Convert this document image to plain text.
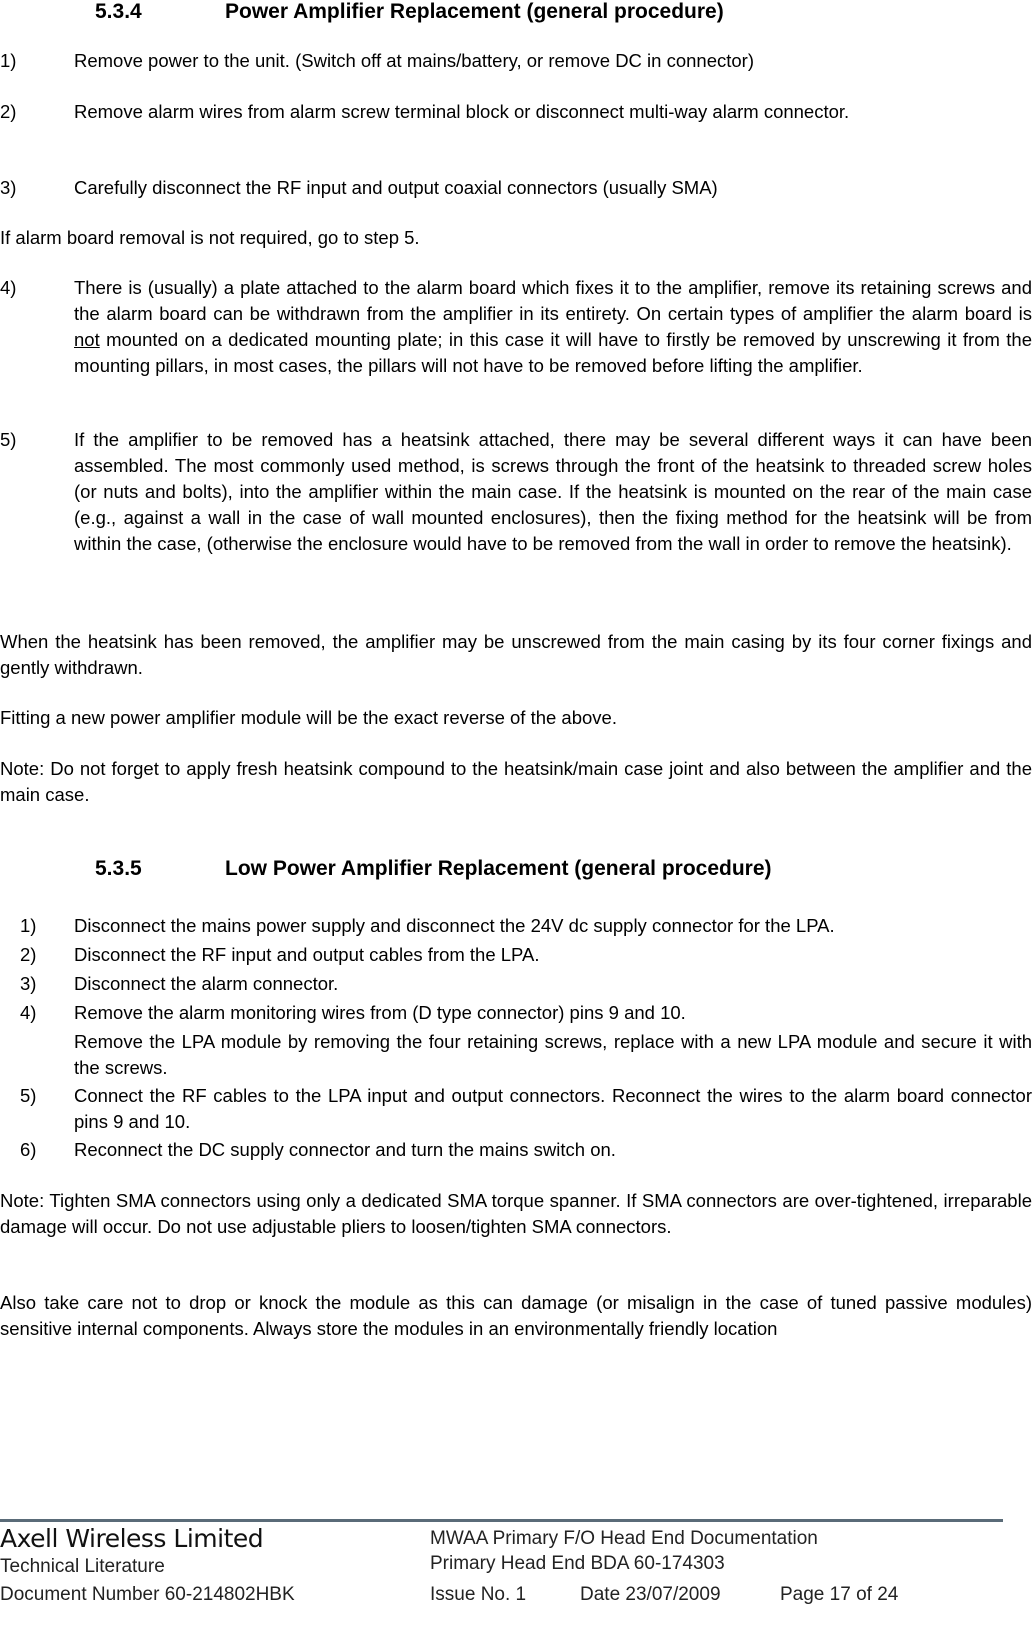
5.3.4	Power Amplifier Replacement (general procedure)
1)	Remove power to the unit. (Switch off at mains/battery, or remove DC in connector)
2)	Remove alarm wires from alarm screw terminal block or disconnect multi-way alarm connector.
3)	Carefully disconnect the RF input and output coaxial connectors (usually SMA)
If alarm board removal is not required, go to step 5.
4)	There is (usually) a plate attached to the alarm board which fixes it to the amplifier, remove its retaining screws and the alarm board can be withdrawn from the amplifier in its entirety. On certain types of amplifier the alarm board is not mounted on a dedicated mounting plate; in this case it will have to firstly be removed by unscrewing it from the mounting pillars, in most cases, the pillars will not have to be removed before lifting the amplifier.
5)	If the amplifier to be removed has a heatsink attached, there may be several different ways it can have been assembled. The most commonly used method, is screws through the front of the heatsink to threaded screw holes (or nuts and bolts), into the amplifier within the main case. If the heatsink is mounted on the rear of the main case (e.g., against a wall in the case of wall mounted enclosures), then the fixing method for the heatsink will be from within the case, (otherwise the enclosure would have to be removed from the wall in order to remove the heatsink).
When the heatsink has been removed, the amplifier may be unscrewed from the main casing by its four corner fixings and gently withdrawn.
Fitting a new power amplifier module will be the exact reverse of the above.
Note: Do not forget to apply fresh heatsink compound to the heatsink/main case joint and also between the amplifier and the main case.
5.3.5	Low Power Amplifier Replacement (general procedure)
1) Disconnect the mains power supply and disconnect the 24V dc supply connector for the LPA.
2) Disconnect the RF input and output cables from the LPA.
3) Disconnect the alarm connector.
4) Remove the alarm monitoring wires from (D type connector) pins 9 and 10.
Remove the LPA module by removing the four retaining screws, replace with a new LPA module and secure it with the screws.
5) Connect the RF cables to the LPA input and output connectors. Reconnect the wires to the alarm board connector pins 9 and 10.
6) Reconnect the DC supply connector and turn the mains switch on.
Note: Tighten SMA connectors using only a dedicated SMA torque spanner. If SMA connectors are over-tightened, irreparable damage will occur. Do not use adjustable pliers to loosen/tighten SMA connectors.
Also take care not to drop or knock the module as this can damage (or misalign in the case of tuned passive modules) sensitive internal components. Always store the modules in an environmentally friendly location
Axell Wireless Limited
Technical Literature
Document Number 60-214802HBK
MWAA Primary F/O Head End Documentation
Primary Head End BDA 60-174303
Issue No. 1	Date 23/07/2009	Page 17 of 24
